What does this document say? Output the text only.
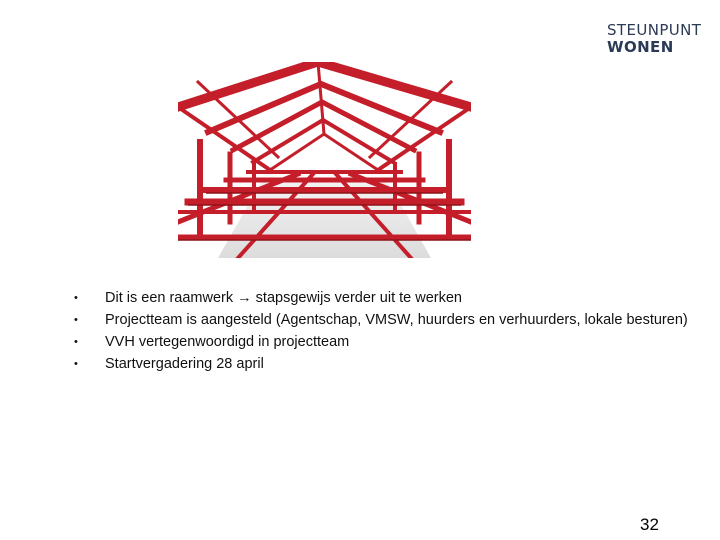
STEUNPUNT
WONEN
•	Dit is een raamwerk → stapsgewijs verder uit te werken
•	Projectteam is aangesteld (Agentschap, VMSW, huurders en verhuurders, lokale besturen)
•	VVH vertegenwoordigd in projectteam
•	Startvergadering 28 april
32
